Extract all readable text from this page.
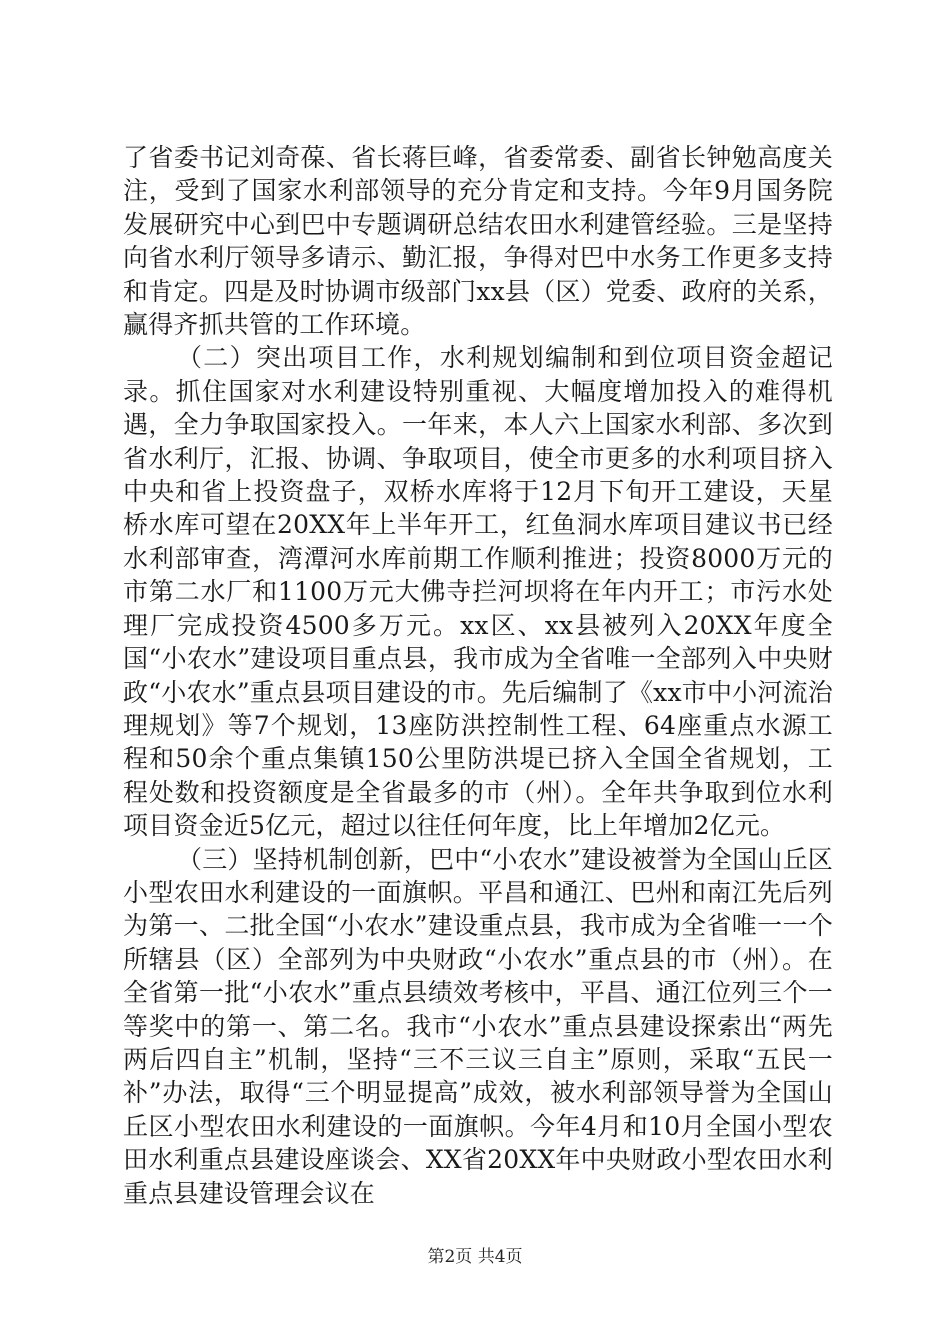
了省委书记刘奇葆、省长蒋巨峰，省委常委、副省长钟勉高度关注，受到了国家水利部领导的充分肯定和支持。今年9月国务院发展研究中心到巴中专题调研总结农田水利建管经验。三是坚持向省水利厅领导多请示、勤汇报，争得对巴中水务工作更多支持和肯定。四是及时协调市级部门xx县（区）党委、政府的关系，赢得齐抓共管的工作环境。

（二）突出项目工作，水利规划编制和到位项目资金超记录。抓住国家对水利建设特别重视、大幅度增加投入的难得机遇，全力争取国家投入。一年来，本人六上国家水利部、多次到省水利厅，汇报、协调、争取项目，使全市更多的水利项目挤入中央和省上投资盘子，双桥水库将于12月下旬开工建设，天星桥水库可望在20XX年上半年开工，红鱼洞水库项目建议书已经水利部审查，湾潭河水库前期工作顺利推进；投资8000万元的市第二水厂和1100万元大佛寺拦河坝将在年内开工；市污水处理厂完成投资4500多万元。xx区、xx县被列入20XX年度全国“小农水”建设项目重点县，我市成为全省唯一全部列入中央财政“小农水”重点县项目建设的市。先后编制了《xx市中小河流治理规划》等7个规划，13座防洪控制性工程、64座重点水源工程和50余个重点集镇150公里防洪堤已挤入全国全省规划，工程处数和投资额度是全省最多的市（州）。全年共争取到位水利项目资金近5亿元，超过以往任何年度，比上年增加2亿元。

（三）坚持机制创新，巴中“小农水”建设被誉为全国山丘区小型农田水利建设的一面旗帜。平昌和通江、巴州和南江先后列为第一、二批全国“小农水”建设重点县，我市成为全省唯一一个所辖县（区）全部列为中央财政“小农水”重点县的市（州）。在全省第一批“小农水”重点县绩效考核中，平昌、通江位列三个一等奖中的第一、第二名。我市“小农水”重点县建设探索出“两先两后四自主”机制，坚持“三不三议三自主”原则，采取“五民一补”办法，取得“三个明显提高”成效，被水利部领导誉为全国山丘区小型农田水利建设的一面旗帜。今年4月和10月全国小型农田水利重点县建设座谈会、XX省20XX年中央财政小型农田水利重点县建设管理会议在

第2页 共4页
